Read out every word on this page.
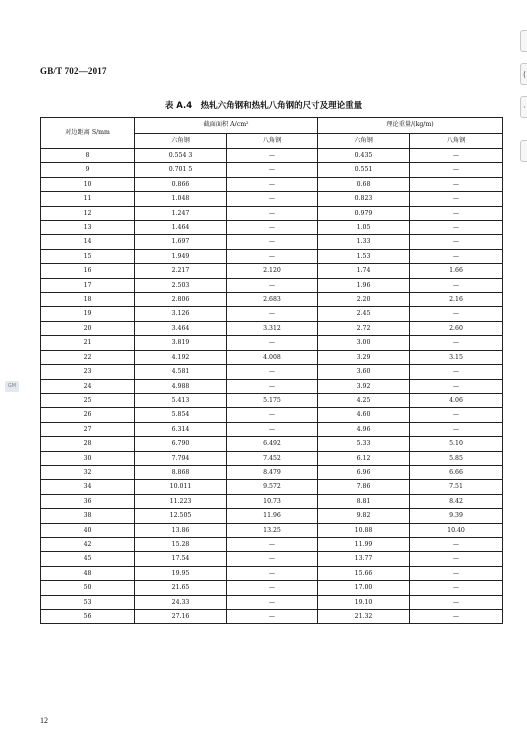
GB/T 702—2017
表 A.4　热轧六角钢和热轧八角钢的尺寸及理论重量
对边距离 S/mm	截面面积 A/cm²		理论重量/(kg/m)	
	六角钢	八角钢	六角钢	八角钢
8	0.554 3	—	0.435	—
9	0.701 5	—	0.551	—
10	0.866	—	0.68	—
11	1.048	—	0.823	—
12	1.247	—	0.979	—
13	1.464	—	1.05	—
14	1.697	—	1.33	—
15	1.949	—	1.53	—
16	2.217	2.120	1.74	1.66
17	2.503	—	1.96	—
18	2.806	2.683	2.20	2.16
19	3.126	—	2.45	—
20	3.464	3.312	2.72	2.60
21	3.819	—	3.00	—
22	4.192	4.008	3.29	3.15
23	4.581	—	3.60	—
24	4.988	—	3.92	—
25	5.413	5.175	4.25	4.06
26	5.854	—	4.60	—
27	6.314	—	4.96	—
28	6.790	6.492	5.33	5.10
30	7.794	7.452	6.12	5.85
32	8.868	8.479	6.96	6.66
34	10.011	9.572	7.86	7.51
36	11.223	10.73	8.81	8.42
38	12.505	11.96	9.82	9.39
40	13.86	13.25	10.88	10.40
42	15.28	—	11.99	—
45	17.54	—	13.77	—
48	19.95	—	15.66	—
50	21.65	—	17.00	—
53	24.33	—	19.10	—
56	27.16	—	21.32	—
12
GM
(
·
